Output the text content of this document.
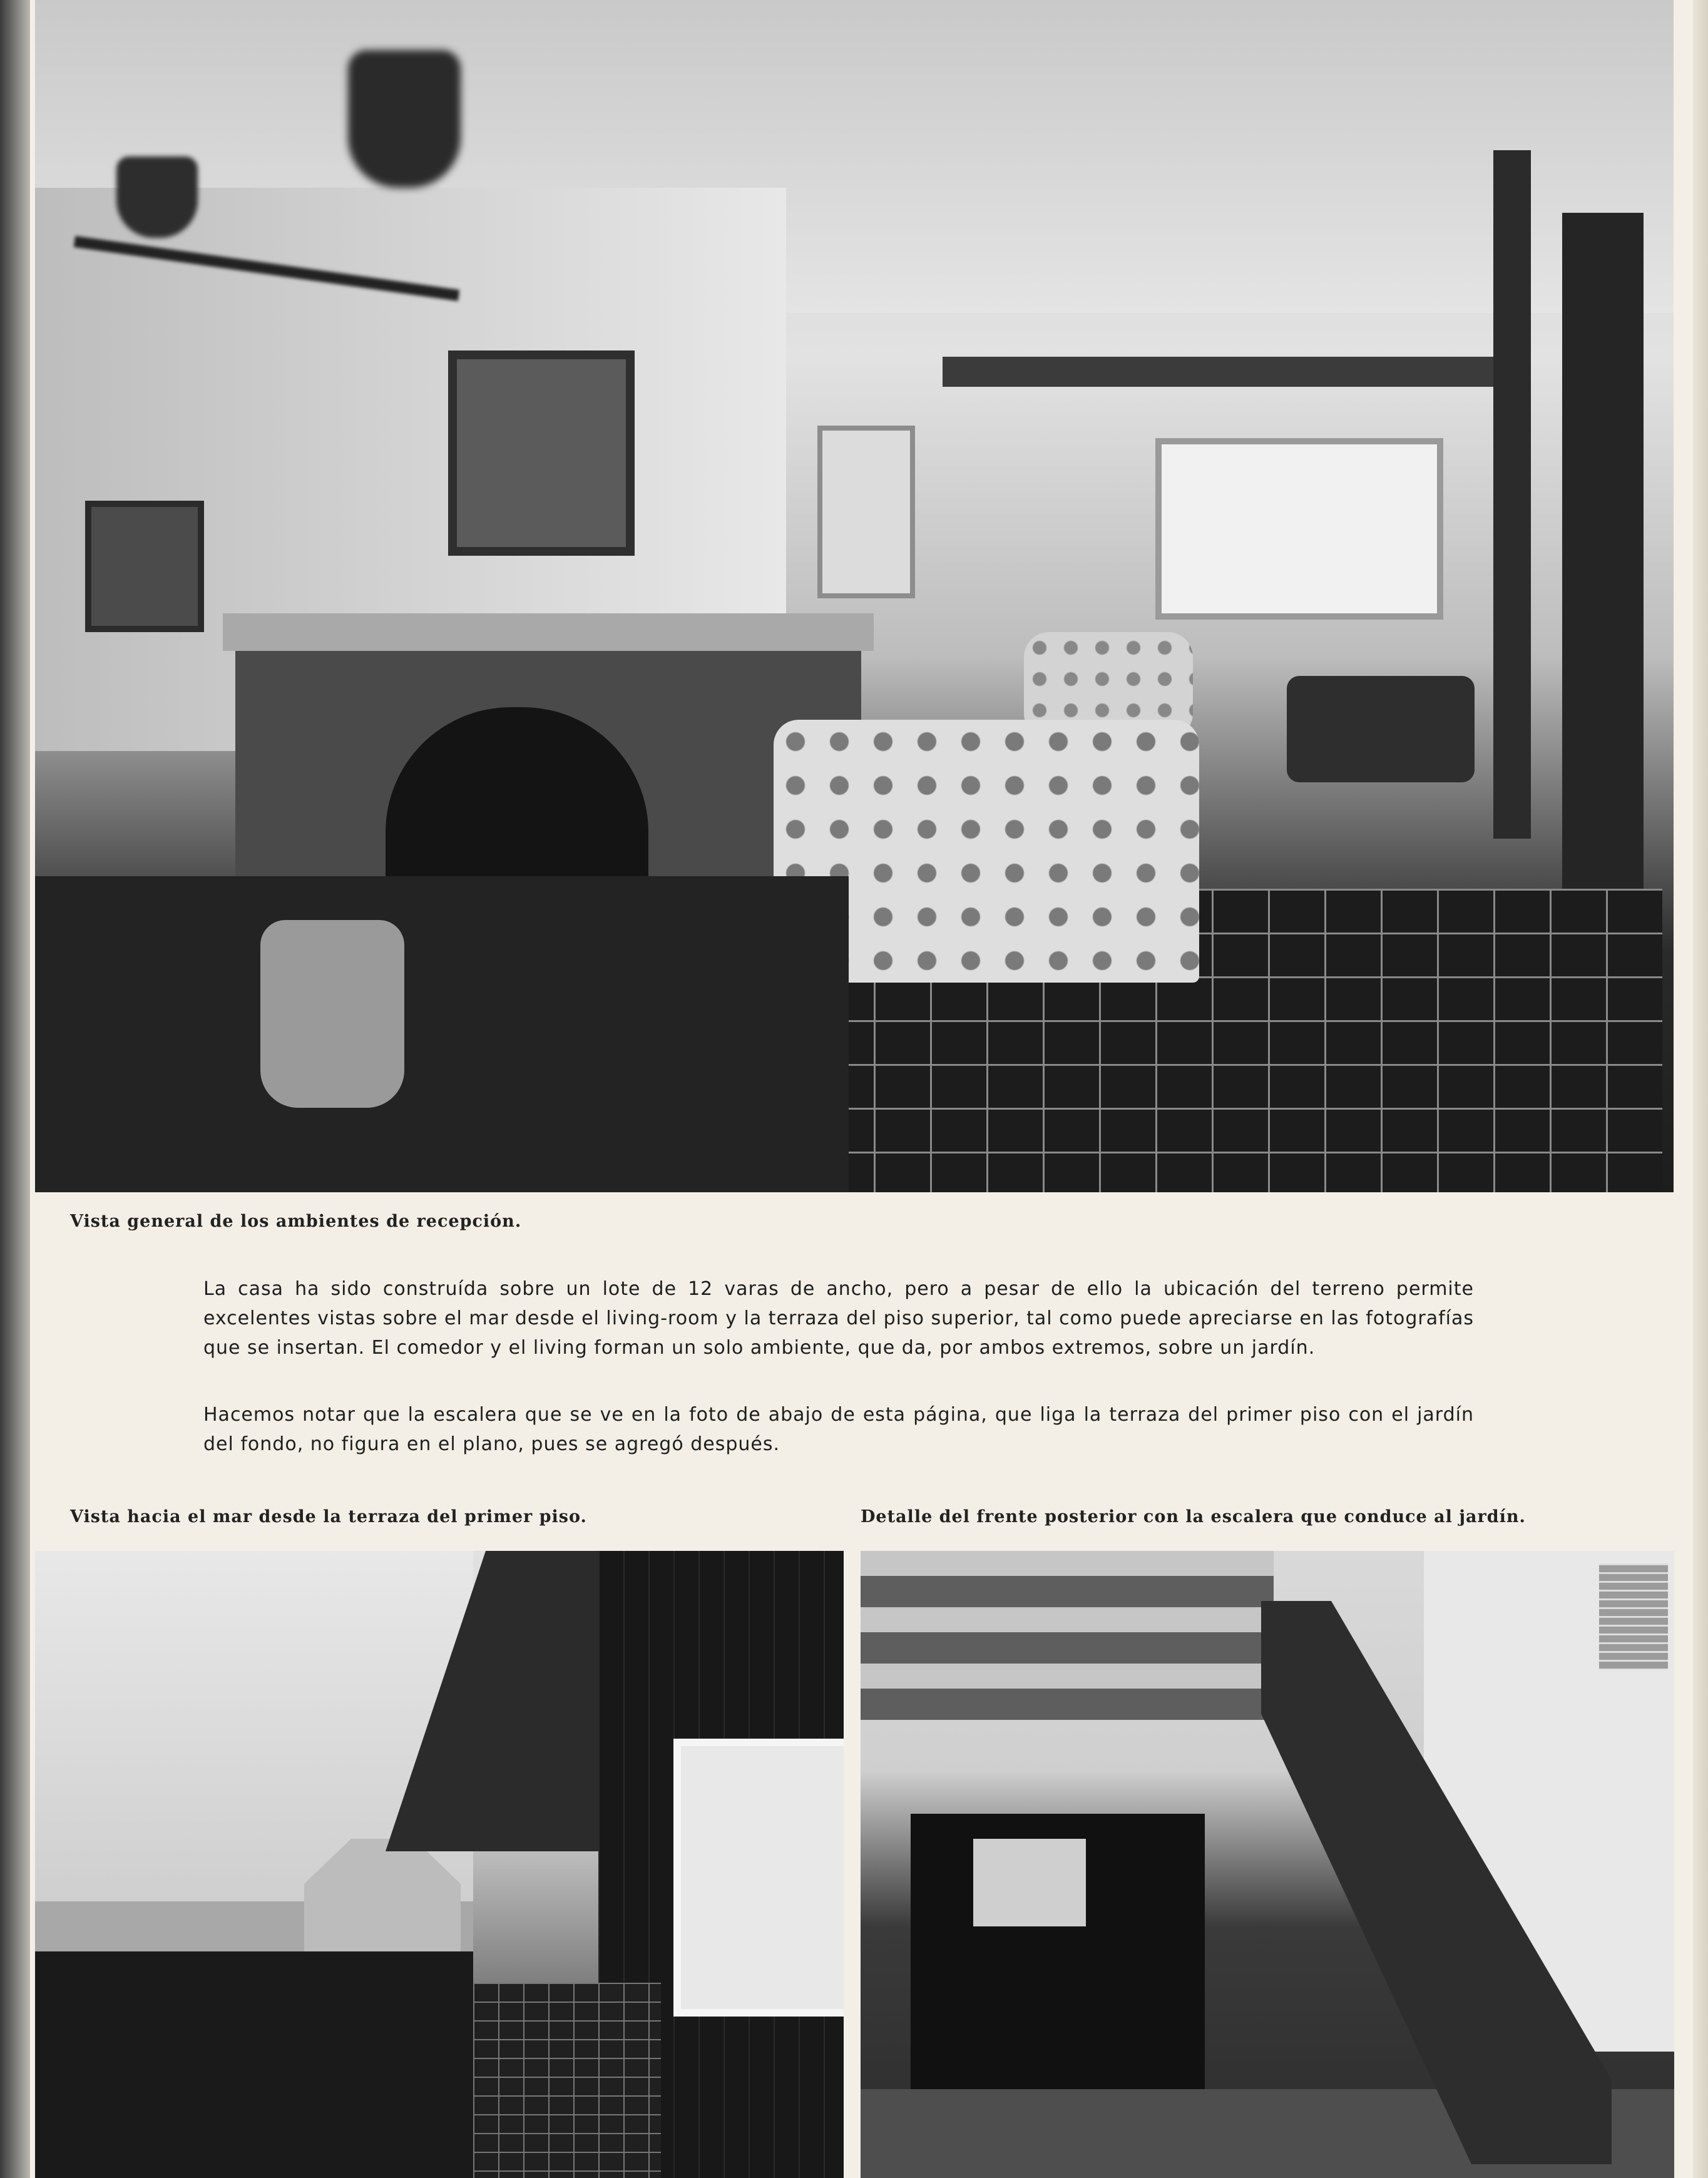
Vista general de los ambientes de recepción.

La casa ha sido construída sobre un lote de 12 varas de ancho, pero a pesar de ello la ubicación del terreno permite excelentes vistas sobre el mar desde el living-room y la terraza del piso superior, tal como puede apreciarse en las fotografías que se insertan. El comedor y el living forman un solo ambiente, que da, por ambos extremos, sobre un jardín.

Hacemos notar que la escalera que se ve en la foto de abajo de esta página, que liga la terraza del primer piso con el jardín del fondo, no figura en el plano, pues se agregó después.

Vista hacia el mar desde la terraza del primer piso.	Detalle del frente posterior con la escalera que conduce al jardín.
